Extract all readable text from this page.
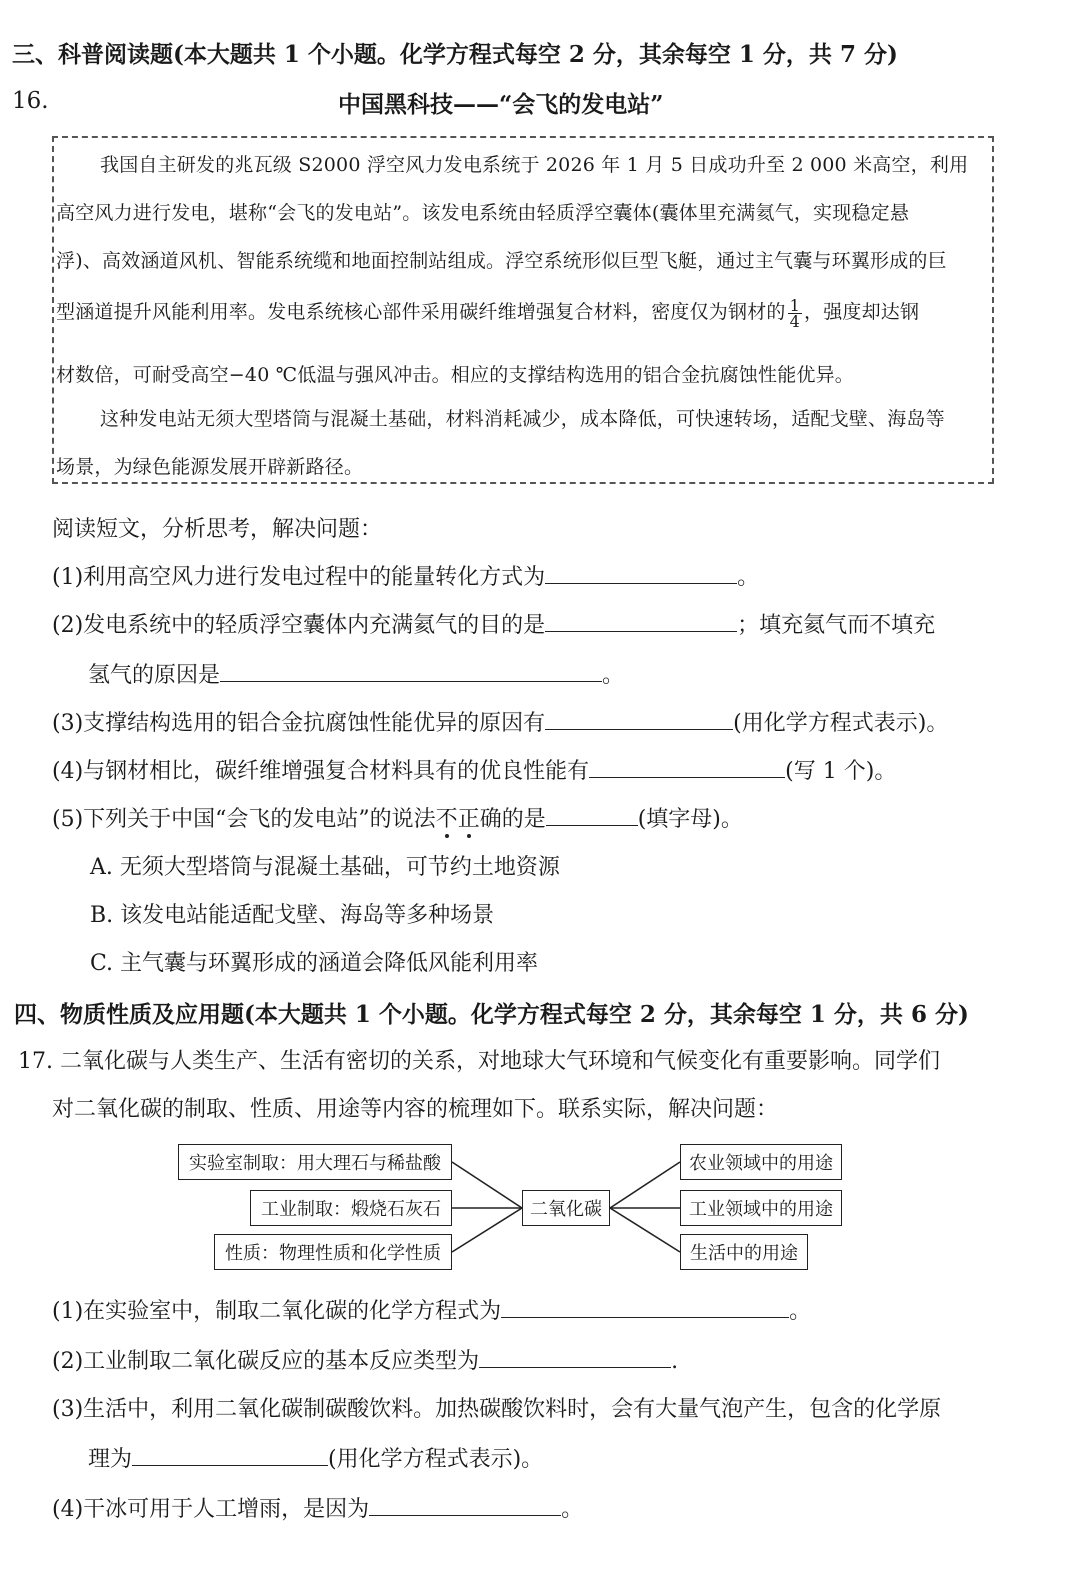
三、科普阅读题(本大题共 1 个小题。化学方程式每空 2 分，其余每空 1 分，共 7 分)
16.	中国黑科技——“会飞的发电站”
我国自主研发的兆瓦级 S2000 浮空风力发电系统于 2026 年 1 月 5 日成功升至 2 000 米高空，利用
高空风力进行发电，堪称“会飞的发电站”。该发电系统由轻质浮空囊体(囊体里充满氦气，实现稳定悬
浮)、高效涵道风机、智能系统缆和地面控制站组成。浮空系统形似巨型飞艇，通过主气囊与环翼形成的巨
型涵道提升风能利用率。发电系统核心部件采用碳纤维增强复合材料，密度仅为钢材的 $\frac{1}{4}$ ，强度却达钢
材数倍，可耐受高空−40 ℃低温与强风冲击。相应的支撑结构选用的铝合金抗腐蚀性能优异。
这种发电站无须大型塔筒与混凝土基础，材料消耗减少，成本降低，可快速转场，适配戈壁、海岛等
场景，为绿色能源发展开辟新路径。
阅读短文，分析思考，解决问题：
(1)利用高空风力进行发电过程中的能量转化方式为	。
(2)发电系统中的轻质浮空囊体内充满氦气的目的是	；填充氦气而不填充
氢气的原因是	。
(3)支撑结构选用的铝合金抗腐蚀性能优异的原因有	(用化学方程式表示)。
(4)与钢材相比，碳纤维增强复合材料具有的优良性能有	(写 1 个)。
(5)下列关于中国“会飞的发电站”的说法不正确的是	(填字母)。
A. 无须大型塔筒与混凝土基础，可节约土地资源
B. 该发电站能适配戈壁、海岛等多种场景
C. 主气囊与环翼形成的涵道会降低风能利用率
四、物质性质及应用题(本大题共 1 个小题。化学方程式每空 2 分，其余每空 1 分，共 6 分)
17. 二氧化碳与人类生产、生活有密切的关系，对地球大气环境和气候变化有重要影响。同学们
对二氧化碳的制取、性质、用途等内容的梳理如下。联系实际，解决问题：
实验室制取：用大理石与稀盐酸
工业制取：煅烧石灰石
性质：物理性质和化学性质
二氧化碳
农业领域中的用途
工业领域中的用途
生活中的用途
(1)在实验室中，制取二氧化碳的化学方程式为	。
(2)工业制取二氧化碳反应的基本反应类型为	.
(3)生活中，利用二氧化碳制碳酸饮料。加热碳酸饮料时，会有大量气泡产生，包含的化学原
理为	(用化学方程式表示)。
(4)干冰可用于人工增雨，是因为	。
